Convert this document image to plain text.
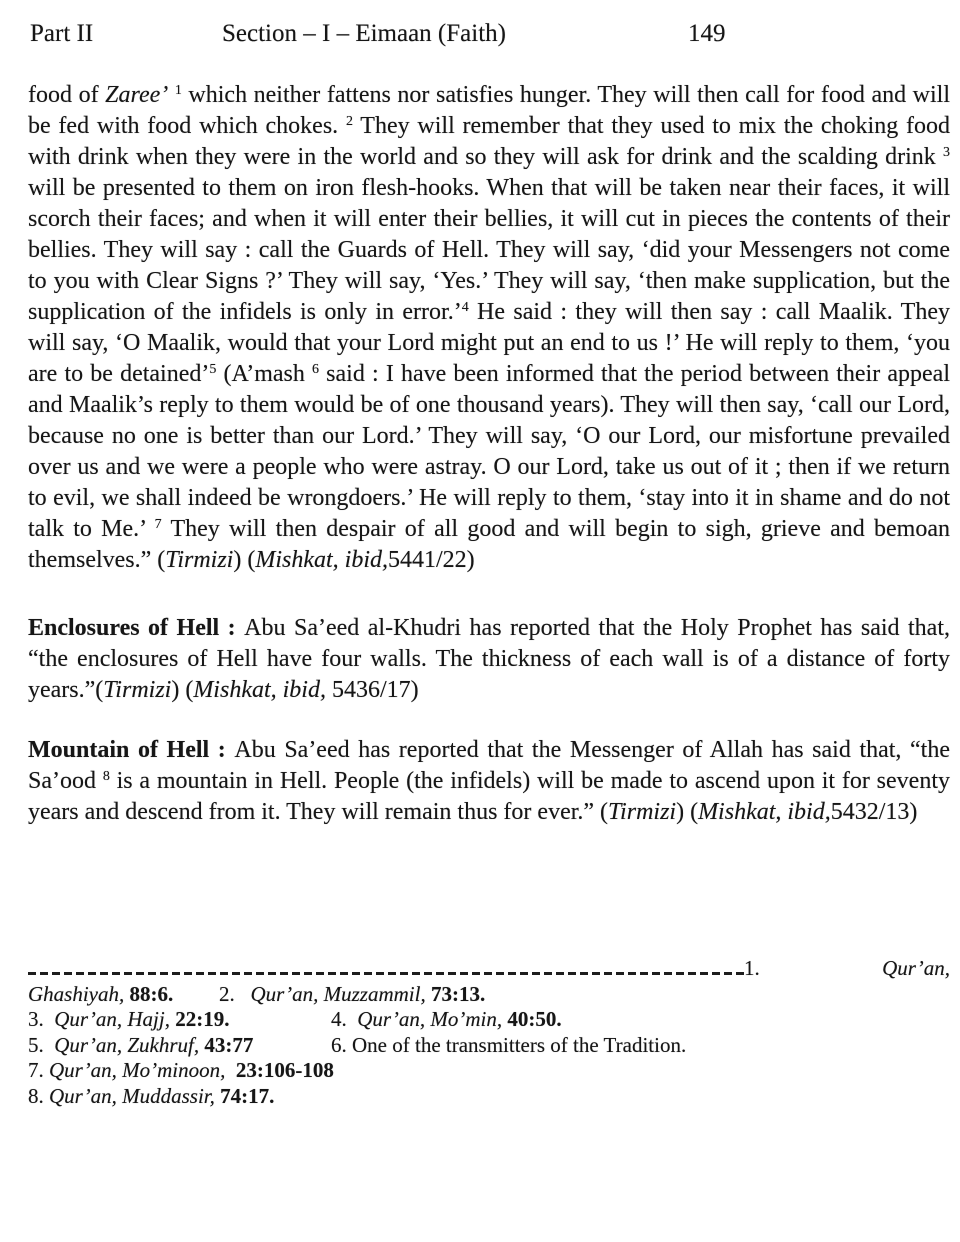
Part II	Section – I – Eimaan (Faith)	149

food of Zaree’ $^1$ which neither fattens nor satisfies hunger. They will then call for food and will be fed with food which chokes. $^2$ They will remember that they used to mix the choking food with drink when they were in the world and so they will ask for drink and the scalding drink $^3$ will be presented to them on iron flesh-hooks. When that will be taken near their faces, it will scorch their faces; and when it will enter their bellies, it will cut in pieces the contents of their bellies. They will say : call the Guards of Hell. They will say, ‘did your Messengers not come to you with Clear Signs ?’ They will say, ‘Yes.’ They will say, ‘then make supplication, but the supplication of the infidels is only in error.’$^4$ He said : they will then say : call Maalik. They will say, ‘O Maalik, would that your Lord might put an end to us !’ He will reply to them, ‘you are to be detained’$^5$ (A’mash $^6$ said : I have been informed that the period between their appeal and Maalik’s reply to them would be of one thousand years). They will then say, ‘call our Lord, because no one is better than our Lord.’ They will say, ‘O our Lord, our misfortune prevailed over us and we were a people who were astray. O our Lord, take us out of it ; then if we return to evil, we shall indeed be wrongdoers.’ He will reply to them, ‘stay into it in shame and do not talk to Me.’ $^7$ They will then despair of all good and will begin to sigh, grieve and bemoan themselves.” (Tirmizi) (Mishkat, ibid,5441/22)

Enclosures of Hell : Abu Sa’eed al-Khudri has reported that the Holy Prophet has said that, “the enclosures of Hell have four walls. The thickness of each wall is of a distance of forty years.”(Tirmizi) (Mishkat, ibid, 5436/17)

Mountain of Hell : Abu Sa’eed has reported that the Messenger of Allah has said that, “the Sa’ood $^8$ is a mountain in Hell. People (the infidels) will be made to ascend upon it for seventy years and descend from it. They will remain thus for ever.” (Tirmizi) (Mishkat, ibid,5432/13)

1.	Qur’an,
Ghashiyah, 88:6. 2.   Qur’an, Muzzammil, 73:13.
3.  Qur’an, Hajj, 22:19.	4.  Qur’an, Mo’min, 40:50.
5.  Qur’an, Zukhruf, 43:77	6. One of the transmitters of the Tradition.
7. Qur’an, Mo’minoon,  23:106-108
8. Qur’an, Muddassir, 74:17.
